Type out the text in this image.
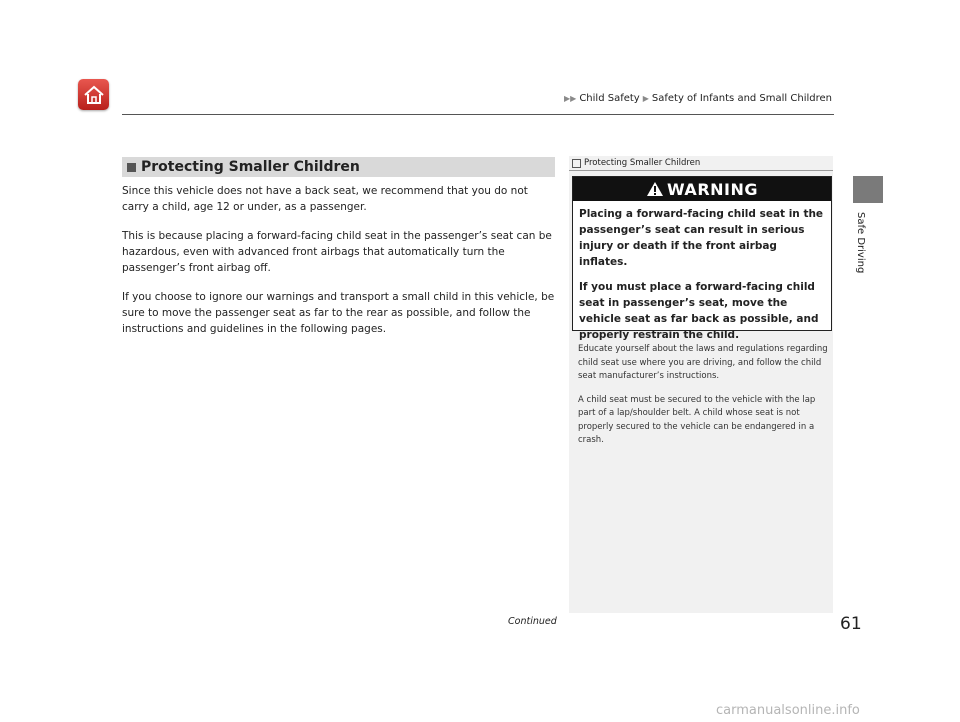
▶▶ Child Safety ▶ Safety of Infants and Small Children
Safe Driving
Protecting Smaller Children

Since this vehicle does not have a back seat, we recommend that you do not carry a child, age 12 or under, as a passenger.

This is because placing a forward-facing child seat in the passenger’s seat can be hazardous, even with advanced front airbags that automatically turn the passenger’s front airbag off.

If you choose to ignore our warnings and transport a small child in this vehicle, be sure to move the passenger seat as far to the rear as possible, and follow the instructions and guidelines in the following pages.

Protecting Smaller Children
WARNING

Placing a forward-facing child seat in the passenger’s seat can result in serious injury or death if the front airbag inflates.

If you must place a forward-facing child seat in passenger’s seat, move the vehicle seat as far back as possible, and properly restrain the child.

Educate yourself about the laws and regulations regarding child seat use where you are driving, and follow the child seat manufacturer’s instructions.

A child seat must be secured to the vehicle with the lap part of a lap/shoulder belt. A child whose seat is not properly secured to the vehicle can be endangered in a crash.

Continued	61
carmanualsonline.info
